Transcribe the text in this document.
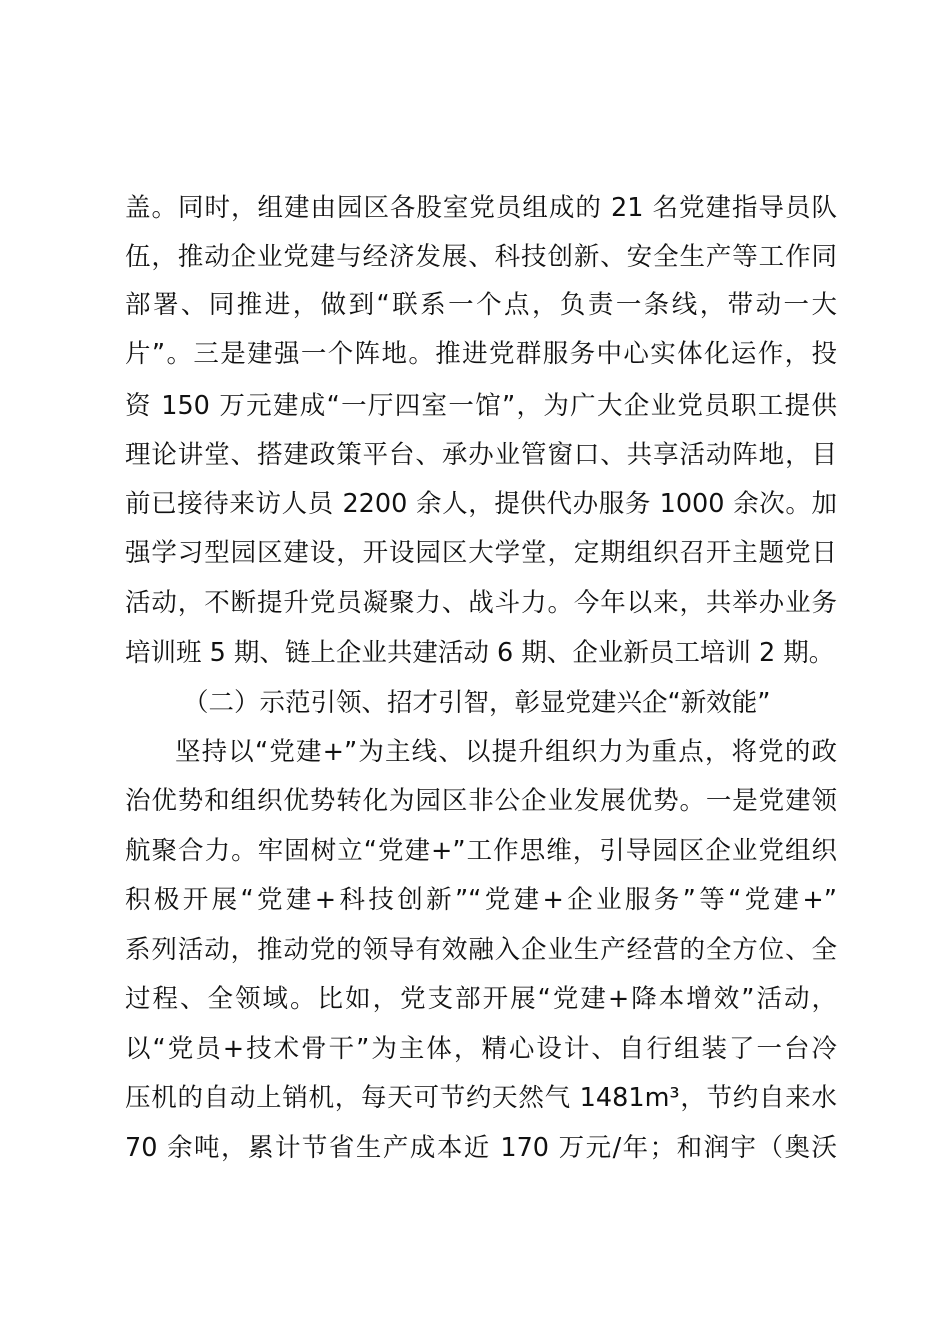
盖。同时，组建由园区各股室党员组成的 21 名党建指导员队
伍，推动企业党建与经济发展、科技创新、安全生产等工作同
部署、同推进，做到“联系一个点，负责一条线，带动一大
片”。三是建强一个阵地。推进党群服务中心实体化运作，投
资 150 万元建成“一厅四室一馆”，为广大企业党员职工提供
理论讲堂、搭建政策平台、承办业管窗口、共享活动阵地，目
前已接待来访人员 2200 余人，提供代办服务 1000 余次。加
强学习型园区建设，开设园区大学堂，定期组织召开主题党日
活动，不断提升党员凝聚力、战斗力。今年以来，共举办业务
培训班 5 期、链上企业共建活动 6 期、企业新员工培训 2 期。
（二）示范引领、招才引智，彰显党建兴企“新效能”
坚持以“党建+”为主线、以提升组织力为重点，将党的政
治优势和组织优势转化为园区非公企业发展优势。一是党建领
航聚合力。牢固树立“党建+”工作思维，引导园区企业党组织
积极开展“党建+科技创新”“党建+企业服务”等“党建+”
系列活动，推动党的领导有效融入企业生产经营的全方位、全
过程、全领域。比如，党支部开展“党建+降本增效”活动，
以“党员+技术骨干”为主体，精心设计、自行组装了一台冷
压机的自动上销机，每天可节约天然气 1481m³，节约自来水
70 余吨，累计节省生产成本近 170 万元/年；和润宇（奥沃
